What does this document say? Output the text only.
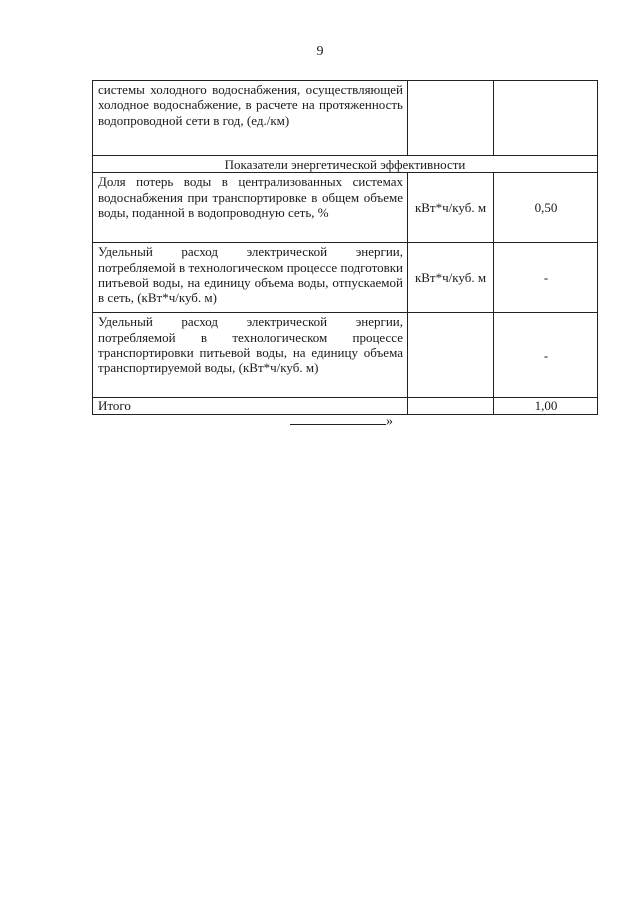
9
системы холодного водоснабжения, осуществляющей холодное водоснабжение, в расчете на протяженность водопроводной сети в год, (ед./км)		
Показатели энергетической эффективности		
Доля потерь воды в централизованных системах водоснабжения при транспортировке в общем объеме воды, поданной в водопроводную сеть, %	кВт*ч/куб. м	0,50
Удельный расход электрической энергии, потребляемой в технологическом процессе подготовки питьевой воды, на единицу объема воды, отпускаемой в сеть, (кВт*ч/куб. м)	кВт*ч/куб. м	-
Удельный расход электрической энергии, потребляемой в технологическом процессе транспортировки питьевой воды, на единицу объема транспортируемой воды, (кВт*ч/куб. м)		-
Итого		1,00
»
